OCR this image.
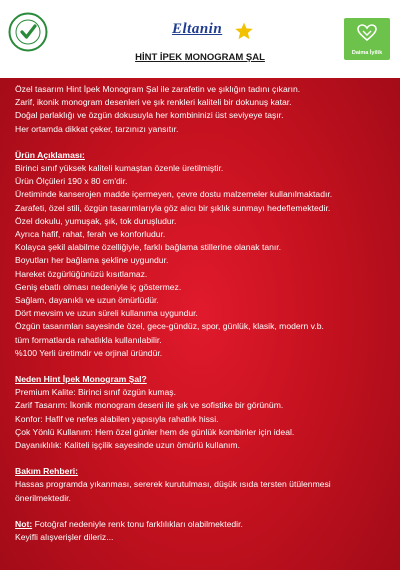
Eltanin
Daima İyilik
HİNT İPEK MONOGRAM ŞAL
Özel tasarım Hint İpek Monogram Şal ile zarafetin ve şıklığın tadını çıkarın.
Zarif, ikonik monogram desenleri ve şık renkleri kaliteli bir dokunuş katar.
Doğal parlaklığı ve özgün dokusuyla her kombininizi üst seviyeye taşır.
Her ortamda dikkat çeker, tarzınızı yansıtır.
Ürün Açıklaması:
Birinci sınıf yüksek kaliteli kumaştan özenle üretilmiştir.
Ürün Ölçüleri 190 x 80 cm'dir.
Üretiminde kanserojen madde içermeyen, çevre dostu malzemeler kullanılmaktadır.
Zarafeti, özel stili, özgün tasarımlarıyla göz alıcı bir şıklık sunmayı hedeflemektedir.
Özel dokulu, yumuşak, şık, tok duruşludur.
Ayrıca hafif, rahat, ferah ve konforludur.
Kolayca şekil alabilme özelliğiyle, farklı bağlama stillerine olanak tanır.
Boyutları her bağlama şekline uygundur.
Hareket özgürlüğünüzü kısıtlamaz.
Geniş ebatlı olması nedeniyle iç göstermez.
Sağlam, dayanıklı ve uzun ömürlüdür.
Dört mevsim ve uzun süreli kullanıma uygundur.
Özgün tasarımları sayesinde özel, gece-gündüz, spor, günlük, klasik, modern v.b.
tüm formatlarda rahatlıkla kullanılabilir.
%100 Yerli üretimdir ve orjinal üründür.
Neden Hint İpek Monogram Şal?
Premium Kalite: Birinci sınıf özgün kumaş.
Zarif Tasarım: İkonik monogram deseni ile şık ve sofistike bir görünüm.
Konfor: Hafif ve nefes alabilen yapısıyla rahatlık hissi.
Çok Yönlü Kullanım: Hem özel günler hem de günlük kombinler için ideal.
Dayanıklılık: Kaliteli işçilik sayesinde uzun ömürlü kullanım.
Bakım Rehberi:
Hassas programda yıkanması, sererek kurutulması, düşük ısıda tersten ütülenmesi
önerilmektedir.
Not: Fotoğraf nedeniyle renk tonu farklılıkları olabilmektedir.
Keyifli alışverişler dileriz...
